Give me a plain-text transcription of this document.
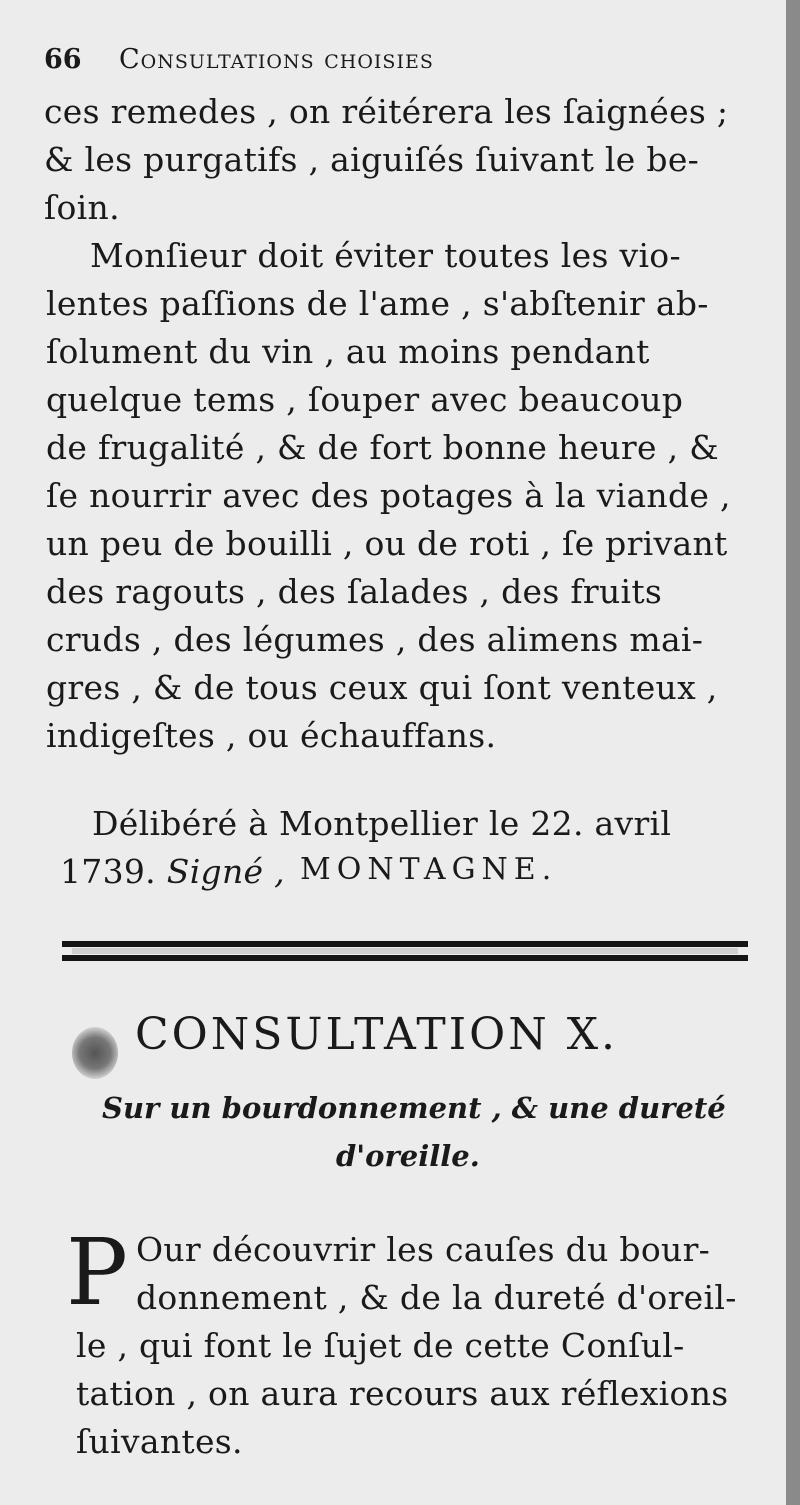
66 Consultations choisies
ces remedes , on réitérera les ſaignées ;
& les purgatifs , aiguiſés ſuivant le be-
ſoin.
Monſieur doit éviter toutes les vio-
lentes paſſions de l'ame , s'abſtenir ab-
ſolument du vin , au moins pendant
quelque tems , ſouper avec beaucoup
de frugalité , & de fort bonne heure , &
ſe nourrir avec des potages à la viande ,
un peu de bouilli , ou de roti , ſe privant
des ragouts , des ſalades , des fruits
cruds , des légumes , des alimens mai-
gres , & de tous ceux qui ſont venteux ,
indigeſtes , ou échauffans.
Délibéré à Montpellier le 22. avril
1739. Signé , MONTAGNE.
CONSULTATION X.
Sur un bourdonnement , & une dureté
d'oreille.
P Our découvrir les cauſes du bour-
donnement , & de la dureté d'oreil-
le , qui font le ſujet de cette Conſul-
tation , on aura recours aux réflexions
ſuivantes.
